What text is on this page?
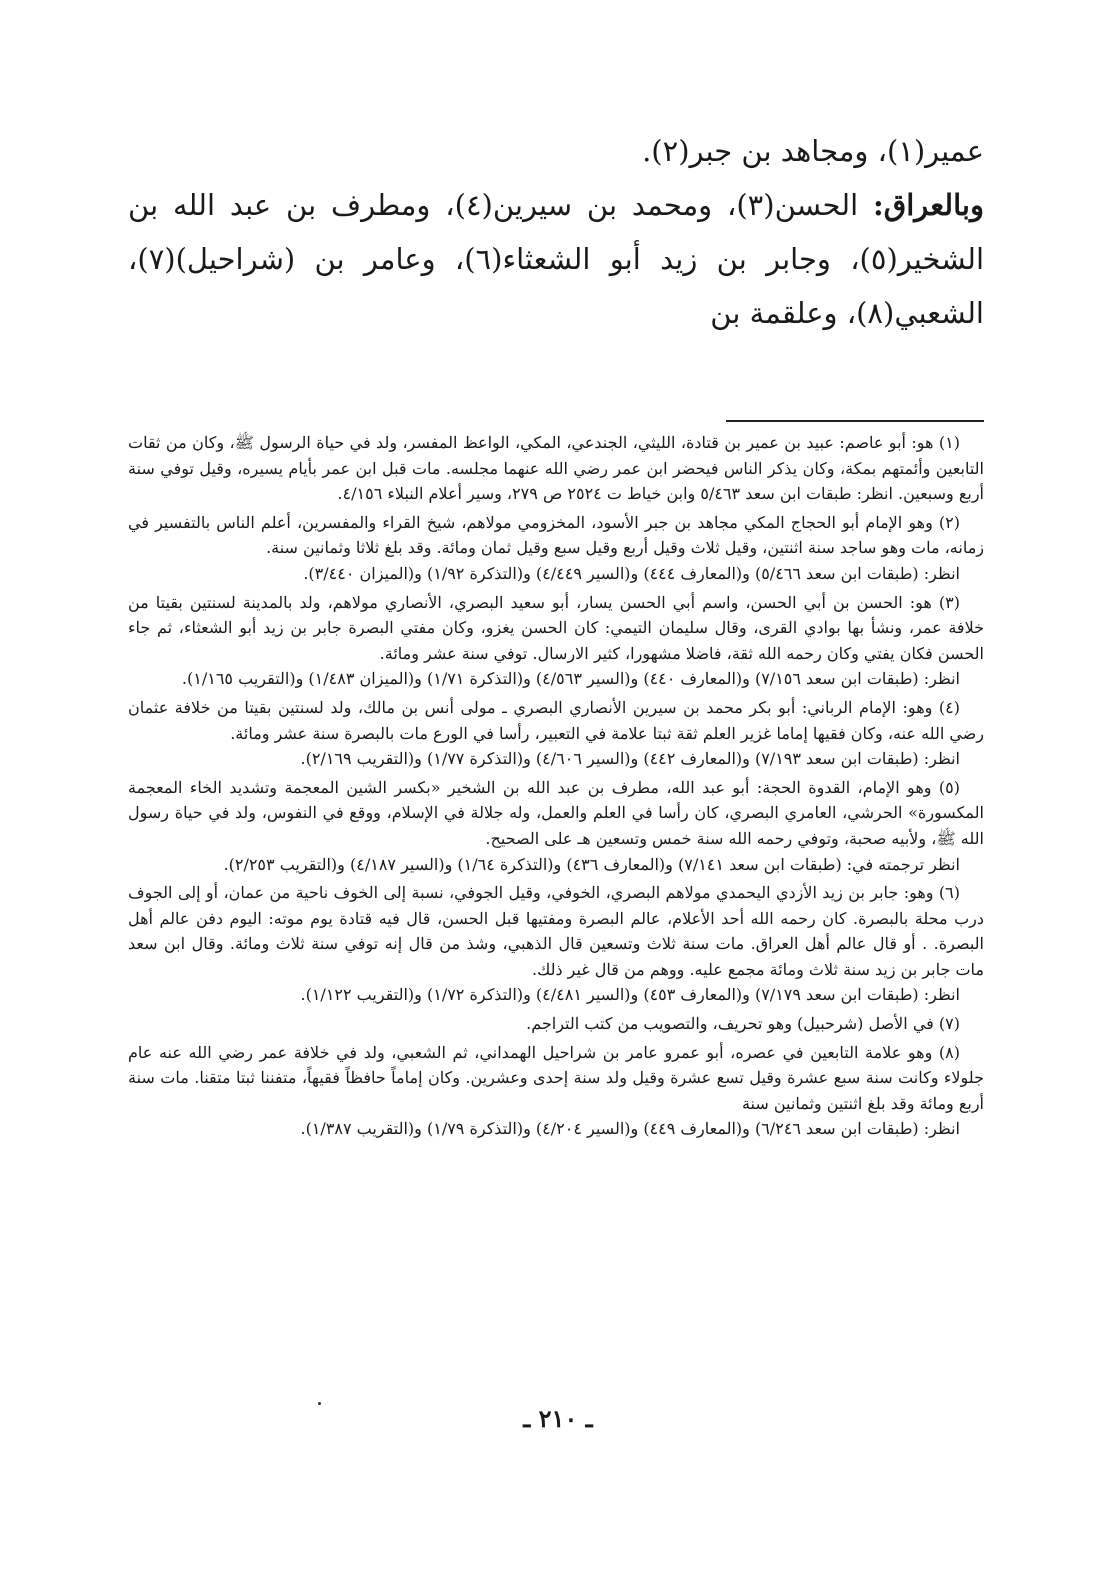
عمير(١)، ومجاهد بن جبر(٢).

وبالعراق: الحسن(٣)، ومحمد بن سيرين(٤)، ومطرف بن عبد الله بن الشخير(٥)، وجابر بن زيد أبو الشعثاء(٦)، وعامر بن (شراحيل)(٧)، الشعبي(٨)، وعلقمة بن

(١) هو: أبو عاصم: عبيد بن عمير بن قتادة، الليثي، الجندعي، المكي، الواعظ المفسر، ولد في حياة الرسول ﷺ، وكان من ثقات التابعين وأئمتهم بمكة، وكان يذكر الناس فيحضر ابن عمر رضي الله عنهما مجلسه. مات قبل ابن عمر بأيام يسيره، وقيل توفي سنة أربع وسبعين. انظر: طبقات ابن سعد ٥/٤٦٣ وابن خياط ت ٢٥٢٤ ص ٢٧٩، وسير أعلام النبلاء ٤/١٥٦.

(٢) وهو الإمام أبو الحجاج المكي مجاهد بن جبر الأسود، المخزومي مولاهم، شيخ القراء والمفسرين، أعلم الناس بالتفسير في زمانه، مات وهو ساجد سنة اثنتين، وقيل ثلاث وقيل أربع وقيل سبع وقيل ثمان ومائة. وقد بلغ ثلاثا وثمانين سنة.

انظر: (طبقات ابن سعد ٥/٤٦٦) و(المعارف ٤٤٤) و(السير ٤/٤٤٩) و(التذكرة ١/٩٢) و(الميزان ٣/٤٤٠).

(٣) هو: الحسن بن أبي الحسن، واسم أبي الحسن يسار، أبو سعيد البصري، الأنصاري مولاهم، ولد بالمدينة لسنتين بقيتا من خلافة عمر، ونشأ بها بوادي القرى، وقال سليمان التيمي: كان الحسن يغزو، وكان مفتي البصرة جابر بن زيد أبو الشعثاء، ثم جاء الحسن فكان يفتي وكان رحمه الله ثقة، فاضلا مشهورا، كثير الارسال. توفي سنة عشر ومائة.

انظر: (طبقات ابن سعد ٧/١٥٦) و(المعارف ٤٤٠) و(السير ٤/٥٦٣) و(التذكرة ١/٧١) و(الميزان ١/٤٨٣) و(التقريب ١/١٦٥).

(٤) وهو: الإمام الرباني: أبو بكر محمد بن سيرين الأنصاري البصري ـ مولى أنس بن مالك، ولد لسنتين بقيتا من خلافة عثمان رضي الله عنه، وكان فقيها إماما غزير العلم ثقة ثبتا علامة في التعبير، رأسا في الورع مات بالبصرة سنة عشر ومائة.

انظر: (طبقات ابن سعد ٧/١٩٣) و(المعارف ٤٤٢) و(السير ٤/٦٠٦) و(التذكرة ١/٧٧) و(التقريب ٢/١٦٩).

(٥) وهو الإمام، القدوة الحجة: أبو عبد الله، مطرف بن عبد الله بن الشخير «بكسر الشين المعجمة وتشديد الخاء المعجمة المكسورة» الحرشي، العامري البصري، كان رأسا في العلم والعمل، وله جلالة في الإسلام، ووقع في النفوس، ولد في حياة رسول الله ﷺ، ولأبيه صحبة، وتوفي رحمه الله سنة خمس وتسعين هـ على الصحيح.

انظر ترجمته في: (طبقات ابن سعد ٧/١٤١) و(المعارف ٤٣٦) و(التذكرة ١/٦٤) و(السير ٤/١٨٧) و(التقريب ٢/٢٥٣).

(٦) وهو: جابر بن زيد الأزدي اليحمدي مولاهم البصري، الخوفي، وقيل الجوفي، نسبة إلى الخوف ناحية من عمان، أو إلى الجوف درب محلة بالبصرة. كان رحمه الله أحد الأعلام، عالم البصرة ومفتيها قبل الحسن، قال فيه قتادة يوم موته: اليوم دفن عالم أهل البصرة. . أو قال عالم أهل العراق. مات سنة ثلاث وتسعين قال الذهبي، وشذ من قال إنه توفي سنة ثلاث ومائة. وقال ابن سعد مات جابر بن زيد سنة ثلاث ومائة مجمع عليه. ووهم من قال غير ذلك.

انظر: (طبقات ابن سعد ٧/١٧٩) و(المعارف ٤٥٣) و(السير ٤/٤٨١) و(التذكرة ١/٧٢) و(التقريب ١/١٢٢).

(٧) في الأصل (شرحبيل) وهو تحريف، والتصويب من كتب التراجم.

(٨) وهو علامة التابعين في عصره، أبو عمرو عامر بن شراحيل الهمداني، ثم الشعبي، ولد في خلافة عمر رضي الله عنه عام جلولاء وكانت سنة سبع عشرة وقيل تسع عشرة وقيل ولد سنة إحدى وعشرين. وكان إماماً حافظاً فقيهاً، متفننا ثبتا متقنا. مات سنة أربع ومائة وقد بلغ اثنتين وثمانين سنة

انظر: (طبقات ابن سعد ٦/٢٤٦) و(المعارف ٤٤٩) و(السير ٤/٢٠٤) و(التذكرة ١/٧٩) و(التقريب ١/٣٨٧).

ـ ٢١٠ ـ
